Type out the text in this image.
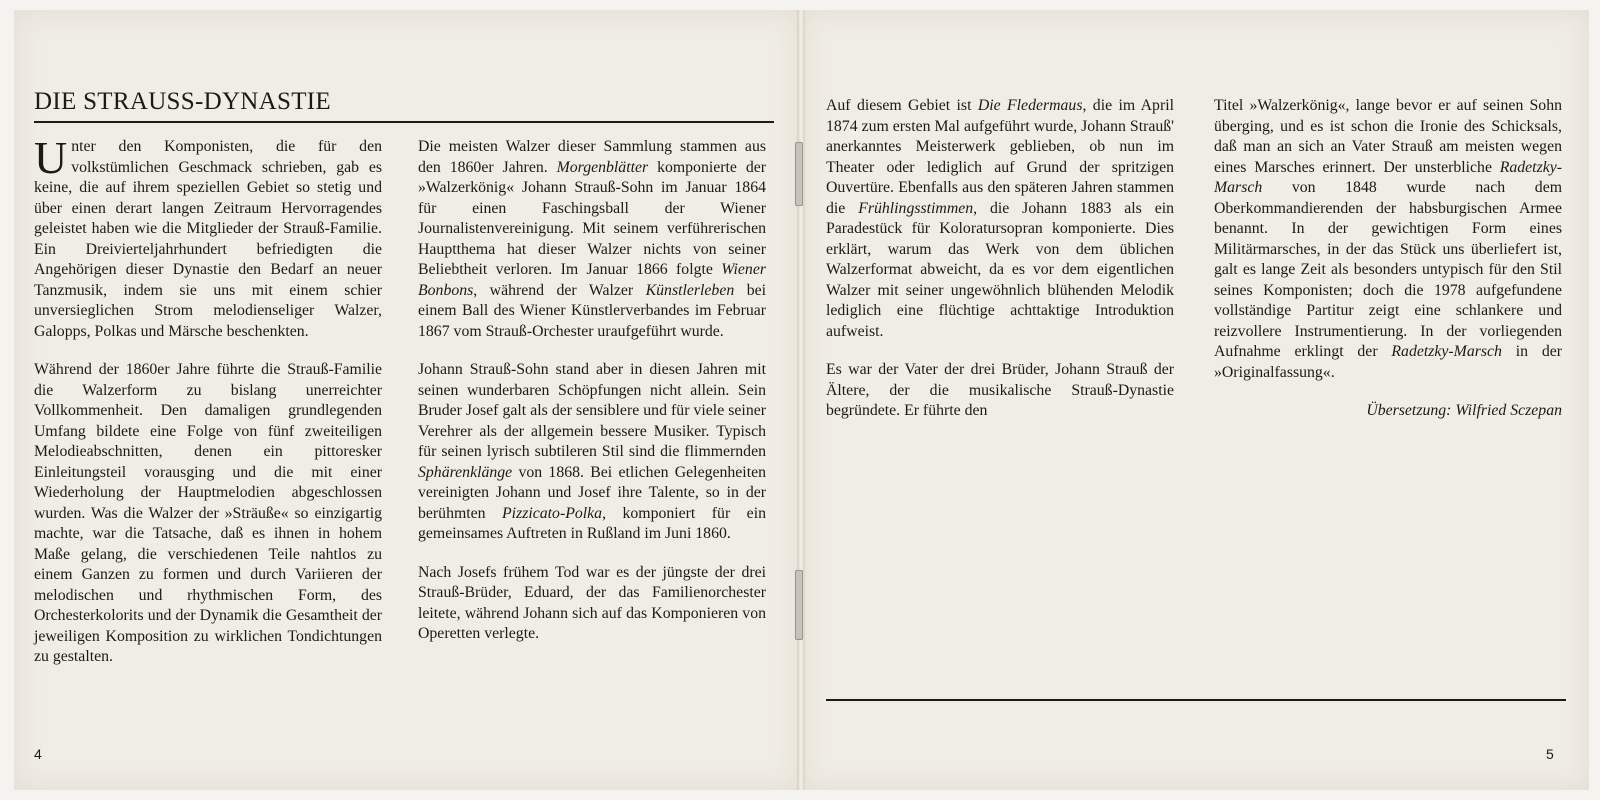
DIE STRAUSS-DYNASTIE

Unter den Komponisten, die für den volkstümlichen Geschmack schrieben, gab es keine, die auf ihrem speziellen Gebiet so stetig und über einen derart langen Zeitraum Hervorragendes geleistet haben wie die Mitglieder der Strauß-Familie. Ein Dreivierteljahrhundert befriedigten die Angehörigen dieser Dynastie den Bedarf an neuer Tanzmusik, indem sie uns mit einem schier unversieglichen Strom melodienseliger Walzer, Galopps, Polkas und Märsche beschenkten.

Während der 1860er Jahre führte die Strauß-Familie die Walzerform zu bislang unerreichter Vollkommenheit. Den damaligen grundlegenden Umfang bildete eine Folge von fünf zweiteiligen Melodieabschnitten, denen ein pittoresker Einleitungsteil vorausging und die mit einer Wiederholung der Hauptmelodien abgeschlossen wurden. Was die Walzer der »Sträuße« so einzigartig machte, war die Tatsache, daß es ihnen in hohem Maße gelang, die verschiedenen Teile nahtlos zu einem Ganzen zu formen und durch Variieren der melodischen und rhythmischen Form, des Orchesterkolorits und der Dynamik die Gesamtheit der jeweiligen Komposition zu wirklichen Tondichtungen zu gestalten.

Die meisten Walzer dieser Sammlung stammen aus den 1860er Jahren. Morgenblätter komponierte der »Walzerkönig« Johann Strauß-Sohn im Januar 1864 für einen Faschingsball der Wiener Journalistenvereinigung. Mit seinem verführerischen Hauptthema hat dieser Walzer nichts von seiner Beliebtheit verloren. Im Januar 1866 folgte Wiener Bonbons, während der Walzer Künstlerleben bei einem Ball des Wiener Künstlerverbandes im Februar 1867 vom Strauß-Orchester uraufgeführt wurde.

Johann Strauß-Sohn stand aber in diesen Jahren mit seinen wunderbaren Schöpfungen nicht allein. Sein Bruder Josef galt als der sensiblere und für viele seiner Verehrer als der allgemein bessere Musiker. Typisch für seinen lyrisch subtileren Stil sind die flimmernden Sphärenklänge von 1868. Bei etlichen Gelegenheiten vereinigten Johann und Josef ihre Talente, so in der berühmten Pizzicato-Polka, komponiert für ein gemeinsames Auftreten in Rußland im Juni 1860.

Nach Josefs frühem Tod war es der jüngste der drei Strauß-Brüder, Eduard, der das Familienorchester leitete, während Johann sich auf das Komponieren von Operetten verlegte.

Auf diesem Gebiet ist Die Fledermaus, die im April 1874 zum ersten Mal aufgeführt wurde, Johann Strauß' anerkanntes Meisterwerk geblieben, ob nun im Theater oder lediglich auf Grund der spritzigen Ouvertüre. Ebenfalls aus den späteren Jahren stammen die Frühlingsstimmen, die Johann 1883 als ein Paradestück für Koloratursopran komponierte. Dies erklärt, warum das Werk von dem üblichen Walzerformat abweicht, da es vor dem eigentlichen Walzer mit seiner ungewöhnlich blühenden Melodik lediglich eine flüchtige achttaktige Introduktion aufweist.

Es war der Vater der drei Brüder, Johann Strauß der Ältere, der die musikalische Strauß-Dynastie begründete. Er führte den

Titel »Walzerkönig«, lange bevor er auf seinen Sohn überging, und es ist schon die Ironie des Schicksals, daß man an sich an Vater Strauß am meisten wegen eines Marsches erinnert. Der unsterbliche Radetzky-Marsch von 1848 wurde nach dem Oberkommandierenden der habsburgischen Armee benannt. In der gewichtigen Form eines Militärmarsches, in der das Stück uns überliefert ist, galt es lange Zeit als besonders untypisch für den Stil seines Komponisten; doch die 1978 aufgefundene vollständige Partitur zeigt eine schlankere und reizvollere Instrumentierung. In der vorliegenden Aufnahme erklingt der Radetzky-Marsch in der »Originalfassung«.

Übersetzung: Wilfried Sczepan

4	5
